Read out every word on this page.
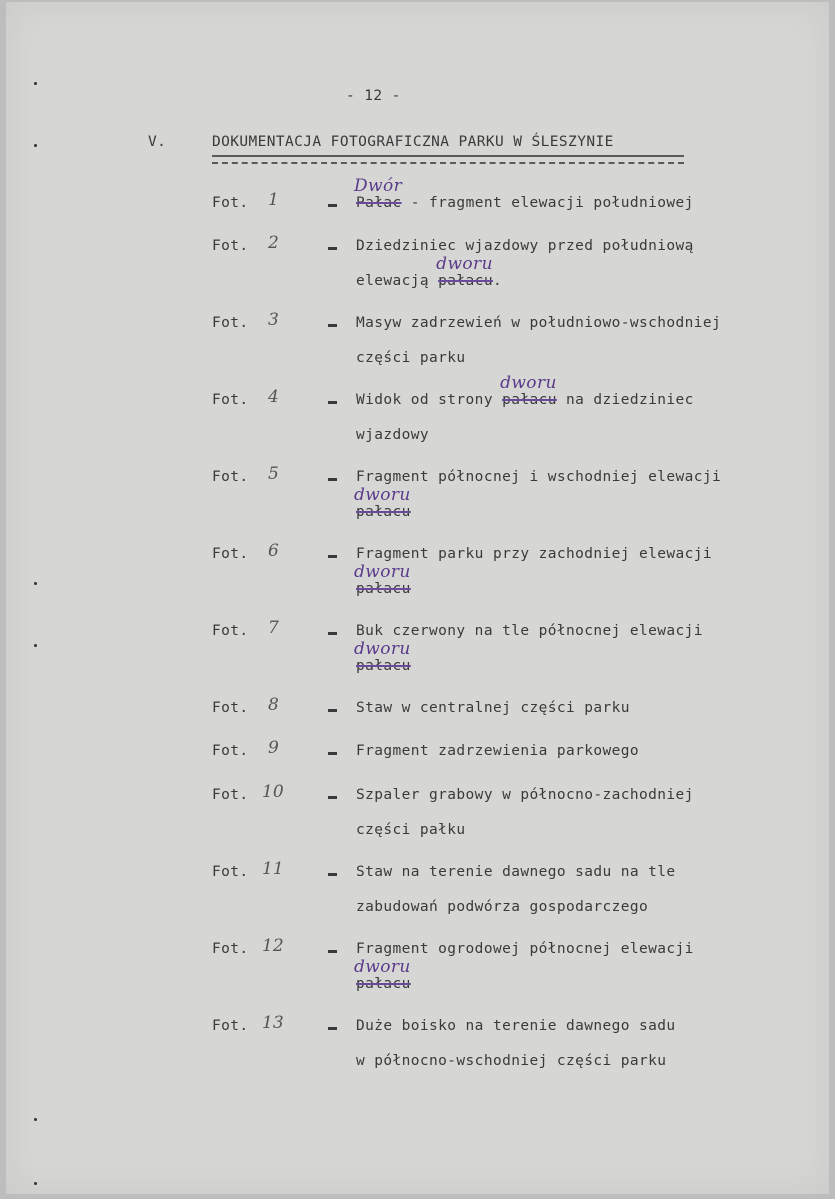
- 12 -
V.	DOKUMENTACJA FOTOGRAFICZNA PARKU W ŚLESZYNIE
Fot. 1	Pałac
Dwór
- fragment elewacji południowej
Fot. 2	Dziedziniec wjazdowy przed południową
elewacją pałacu
dworu
.
Fot. 3	Masyw zadrzewień w południowo-wschodniej
części parku
Fot. 4	Widok od strony pałacu
dworu
na dziedziniec
wjazdowy
Fot. 5	Fragment północnej i wschodniej elewacji
pałacu
dworu
Fot. 6	Fragment parku przy zachodniej elewacji
pałacu
dworu
Fot. 7	Buk czerwony na tle północnej elewacji
pałacu
dworu
Fot. 8	Staw w centralnej części parku
Fot. 9	Fragment zadrzewienia parkowego
Fot. 10	Szpaler grabowy w północno-zachodniej
części pałku
Fot. 11	Staw na terenie dawnego sadu na tle
zabudowań podwórza gospodarczego
Fot. 12	Fragment ogrodowej północnej elewacji
pałacu
dworu
Fot. 13	Duże boisko na terenie dawnego sadu
w północno-wschodniej części parku
